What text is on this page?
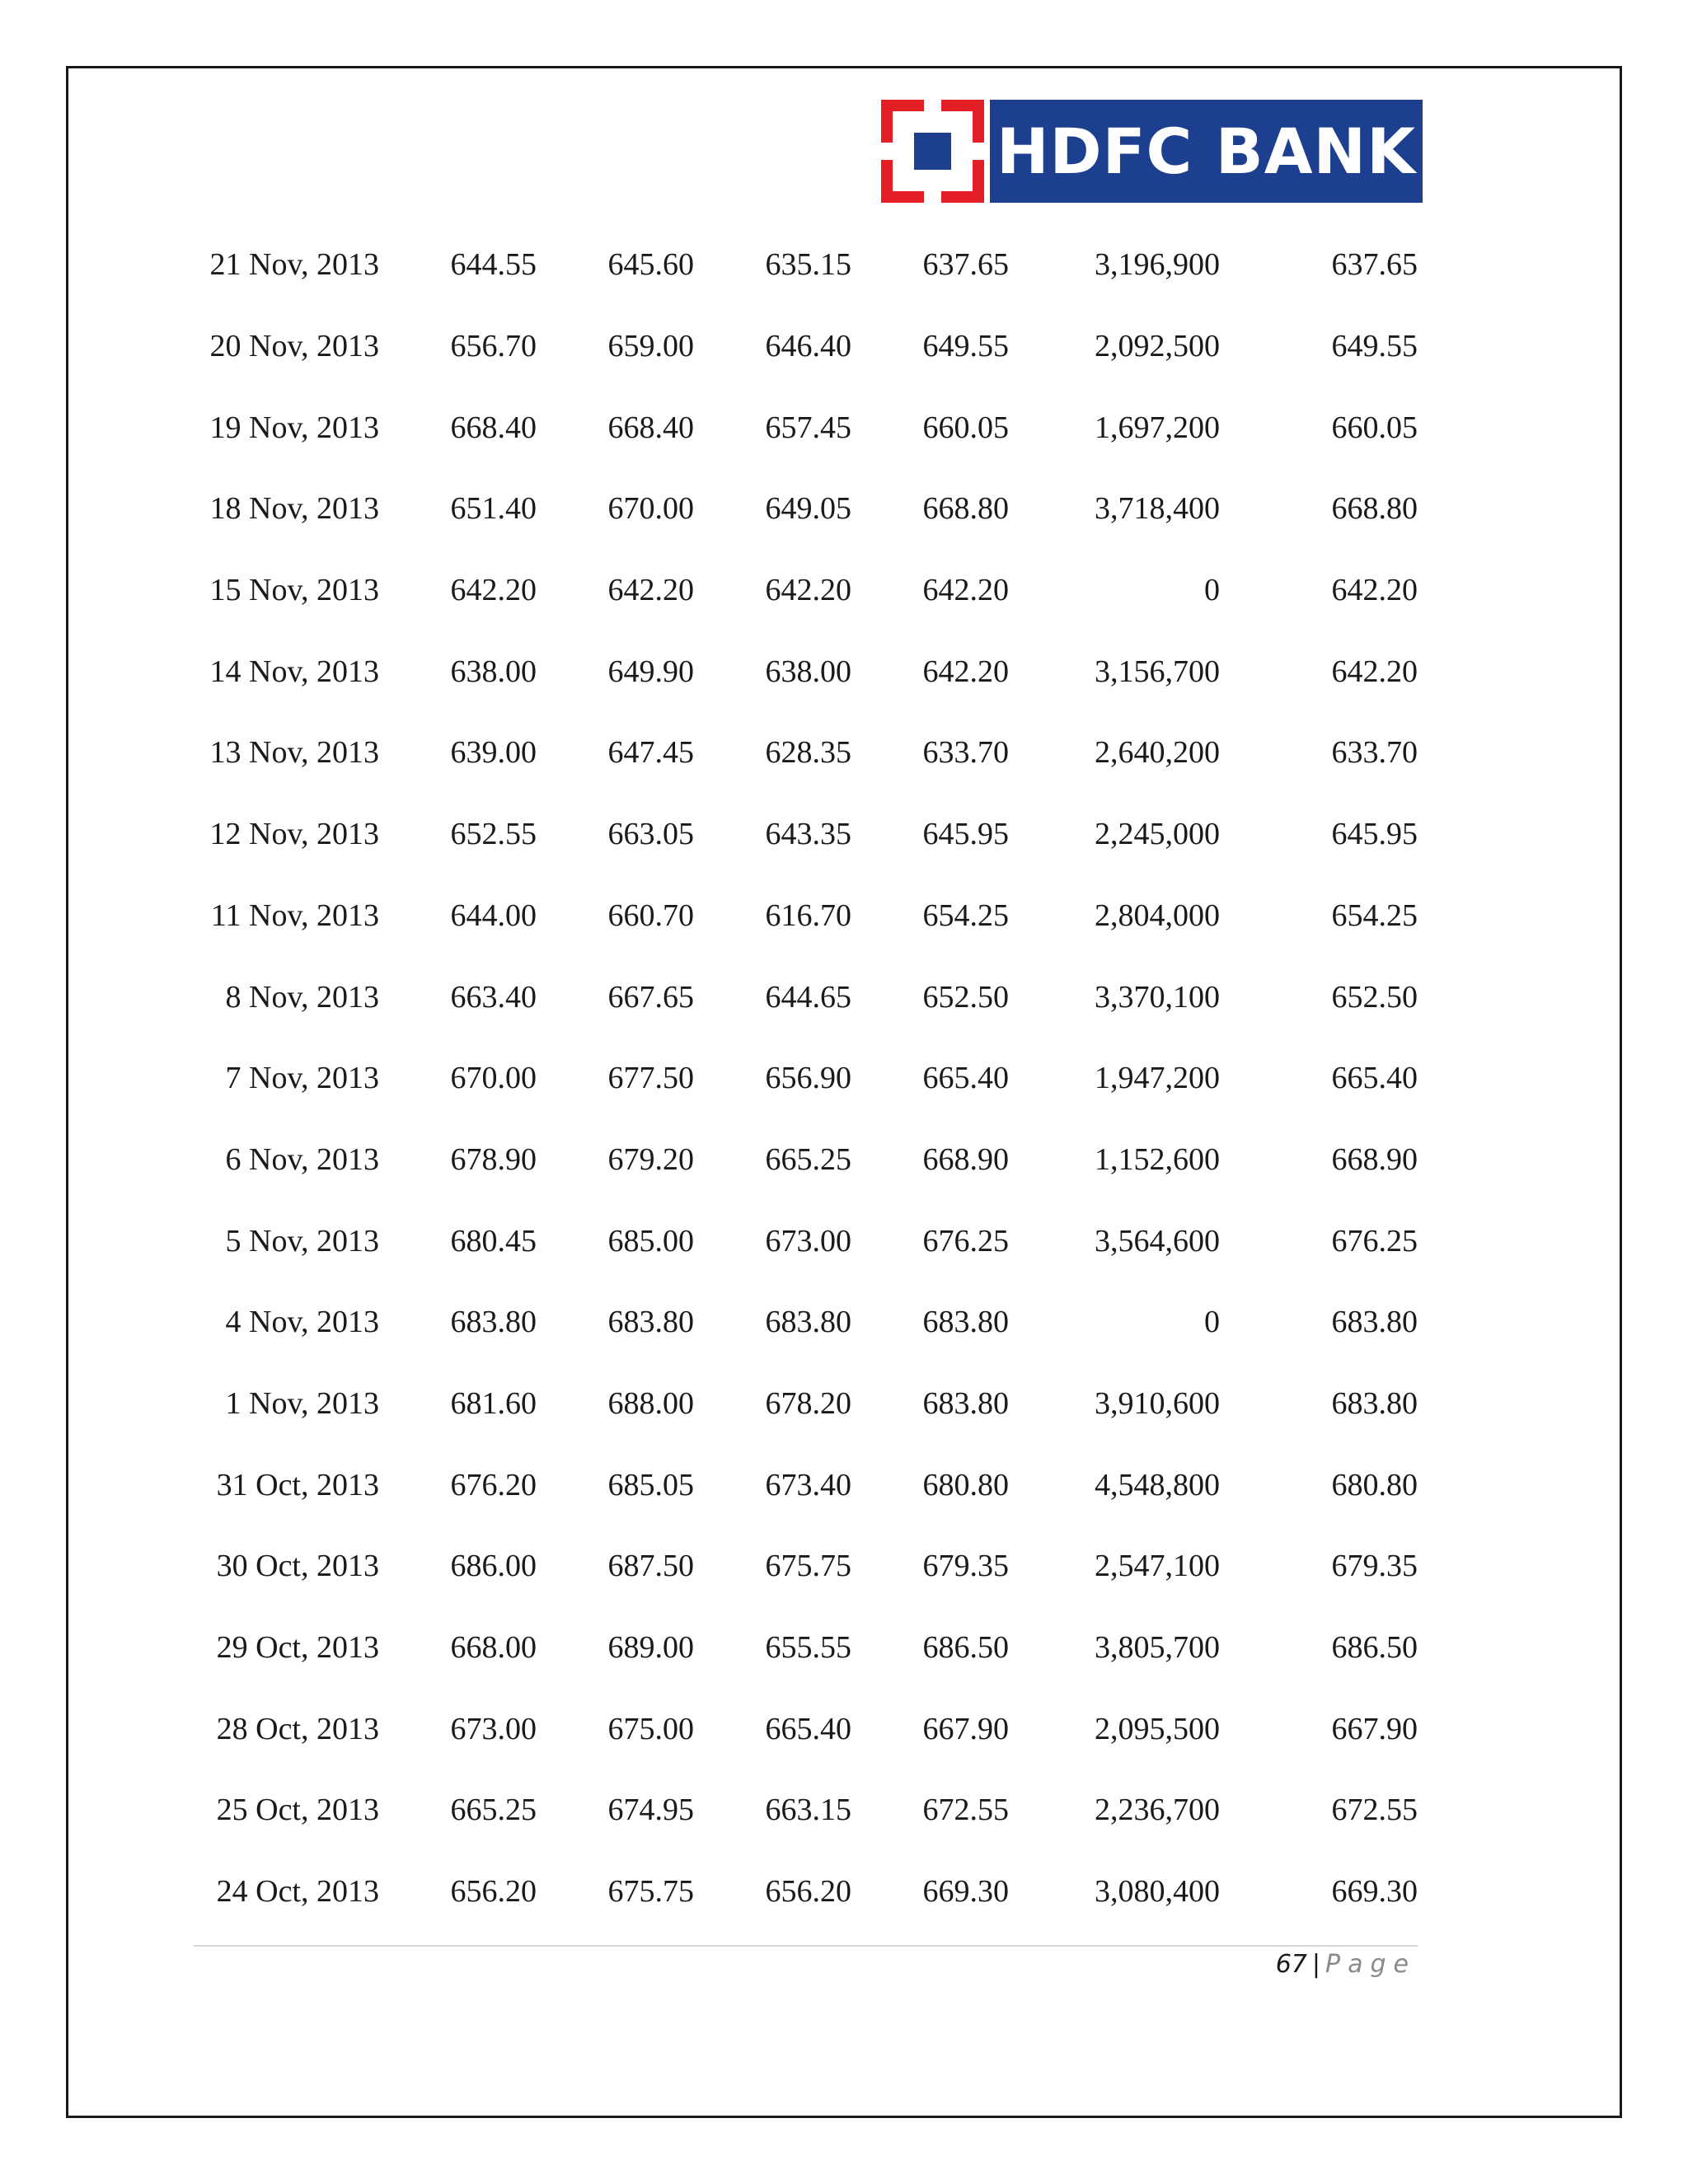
HDFC BANK
21 Nov, 2013	644.55	645.60	635.15	637.65	3,196,900	637.65
20 Nov, 2013	656.70	659.00	646.40	649.55	2,092,500	649.55
19 Nov, 2013	668.40	668.40	657.45	660.05	1,697,200	660.05
18 Nov, 2013	651.40	670.00	649.05	668.80	3,718,400	668.80
15 Nov, 2013	642.20	642.20	642.20	642.20	0	642.20
14 Nov, 2013	638.00	649.90	638.00	642.20	3,156,700	642.20
13 Nov, 2013	639.00	647.45	628.35	633.70	2,640,200	633.70
12 Nov, 2013	652.55	663.05	643.35	645.95	2,245,000	645.95
11 Nov, 2013	644.00	660.70	616.70	654.25	2,804,000	654.25
8 Nov, 2013	663.40	667.65	644.65	652.50	3,370,100	652.50
7 Nov, 2013	670.00	677.50	656.90	665.40	1,947,200	665.40
6 Nov, 2013	678.90	679.20	665.25	668.90	1,152,600	668.90
5 Nov, 2013	680.45	685.00	673.00	676.25	3,564,600	676.25
4 Nov, 2013	683.80	683.80	683.80	683.80	0	683.80
1 Nov, 2013	681.60	688.00	678.20	683.80	3,910,600	683.80
31 Oct, 2013	676.20	685.05	673.40	680.80	4,548,800	680.80
30 Oct, 2013	686.00	687.50	675.75	679.35	2,547,100	679.35
29 Oct, 2013	668.00	689.00	655.55	686.50	3,805,700	686.50
28 Oct, 2013	673.00	675.00	665.40	667.90	2,095,500	667.90
25 Oct, 2013	665.25	674.95	663.15	672.55	2,236,700	672.55
24 Oct, 2013	656.20	675.75	656.20	669.30	3,080,400	669.30
67 | Page
